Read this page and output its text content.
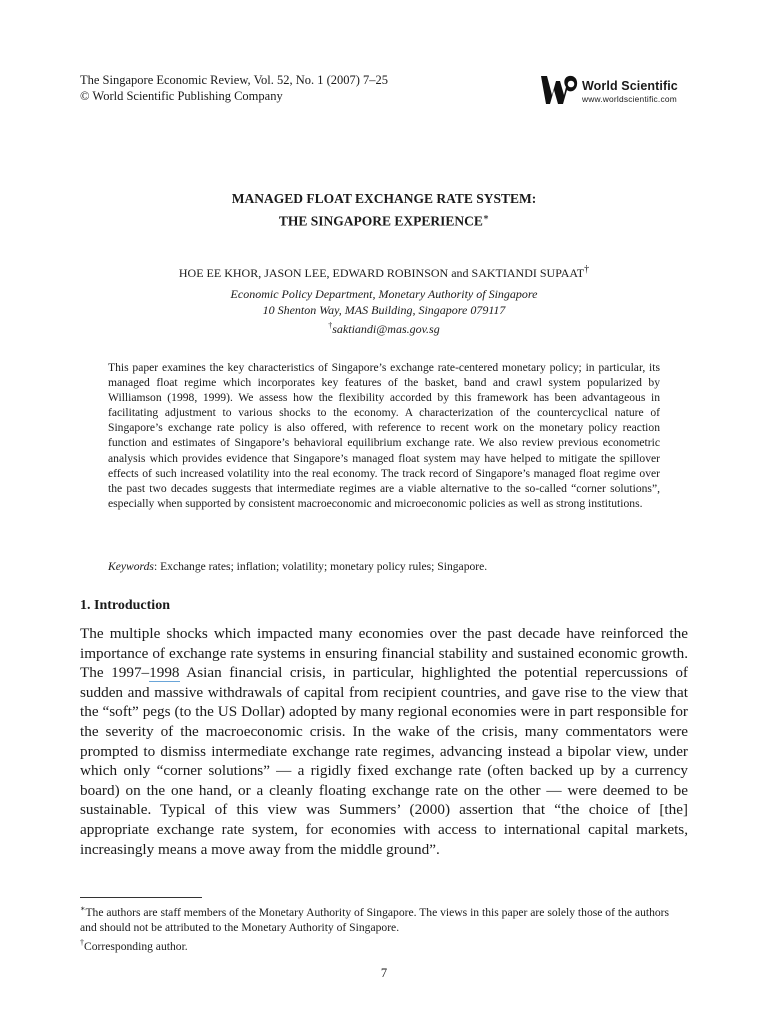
The Singapore Economic Review, Vol. 52, No. 1 (2007) 7–25
© World Scientific Publishing Company
World Scientific
www.worldscientific.com
MANAGED FLOAT EXCHANGE RATE SYSTEM:
THE SINGAPORE EXPERIENCE∗
HOE EE KHOR, JASON LEE, EDWARD ROBINSON and SAKTIANDI SUPAAT†
Economic Policy Department, Monetary Authority of Singapore
10 Shenton Way, MAS Building, Singapore 079117
†saktiandi@mas.gov.sg
This paper examines the key characteristics of Singapore’s exchange rate-centered monetary policy; in particular, its managed float regime which incorporates key features of the basket, band and crawl system popularized by Williamson (1998, 1999). We assess how the flexibility accorded by this framework has been advantageous in facilitating adjustment to various shocks to the economy. A characterization of the countercyclical nature of Singapore’s exchange rate policy is also offered, with reference to recent work on the monetary policy reaction function and estimates of Singapore’s behavioral equilibrium exchange rate. We also review previous econometric analysis which provides evidence that Singapore’s managed float system may have helped to mitigate the spillover effects of such increased volatility into the real economy. The track record of Singapore’s managed float regime over the past two decades suggests that intermediate regimes are a viable alternative to the so-called “corner solutions”, especially when supported by consistent macroeconomic and microeconomic policies as well as strong institutions.
Keywords: Exchange rates; inflation; volatility; monetary policy rules; Singapore.
1. Introduction
The multiple shocks which impacted many economies over the past decade have reinforced the importance of exchange rate systems in ensuring financial stability and sustained economic growth. The 1997–1998 Asian financial crisis, in particular, highlighted the potential repercussions of sudden and massive withdrawals of capital from recipient countries, and gave rise to the view that the “soft” pegs (to the US Dollar) adopted by many regional economies were in part responsible for the severity of the macroeconomic crisis. In the wake of the crisis, many commentators were prompted to dismiss intermediate exchange rate regimes, advancing instead a bipolar view, under which only “corner solutions” — a rigidly fixed exchange rate (often backed up by a currency board) on the one hand, or a cleanly floating exchange rate on the other — were deemed to be sustainable. Typical of this view was Summers’ (2000) assertion that “the choice of [the] appropriate exchange rate system, for economies with access to international capital markets, increasingly means a move away from the middle ground”.
∗The authors are staff members of the Monetary Authority of Singapore. The views in this paper are solely those of the authors and should not be attributed to the Monetary Authority of Singapore.
†Corresponding author.
7
